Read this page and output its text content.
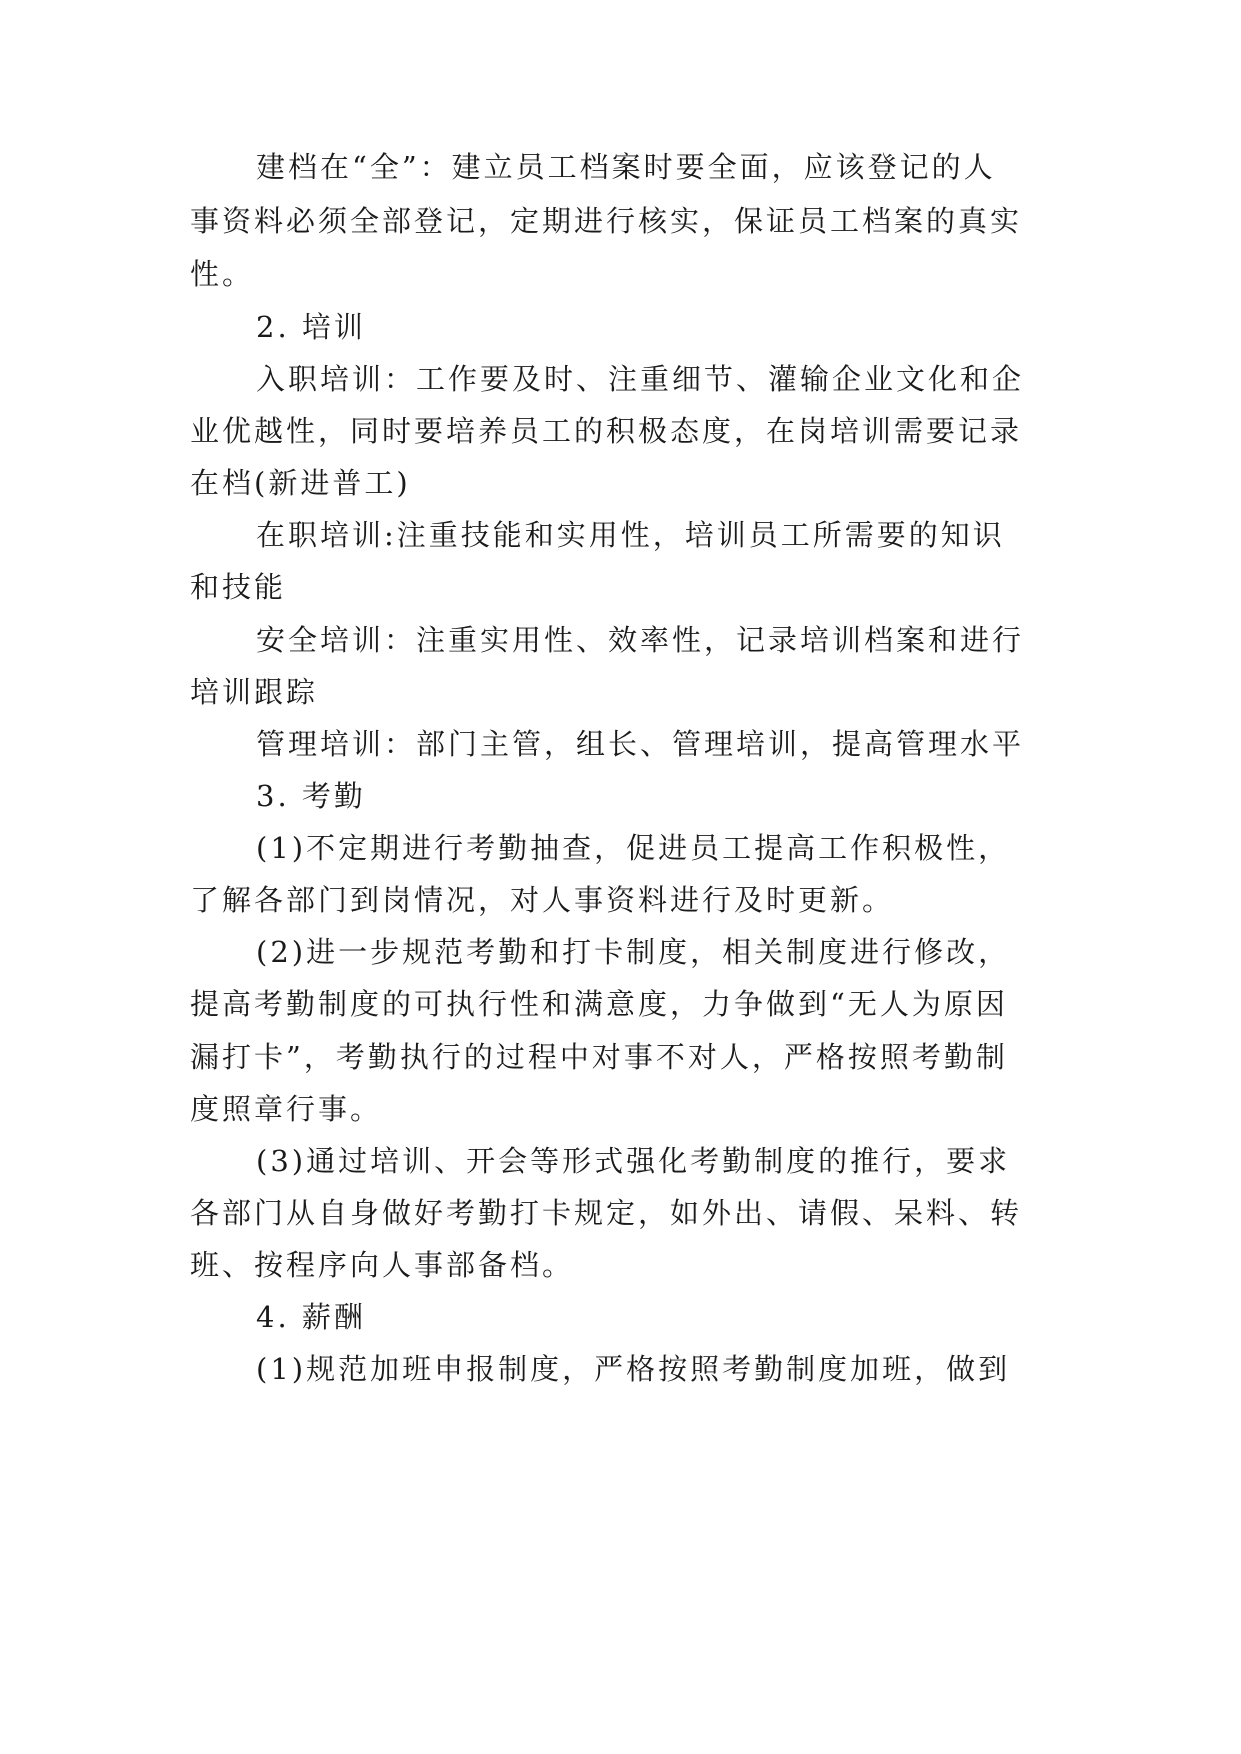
建档在“全”：建立员工档案时要全面，应该登记的人
事资料必须全部登记，定期进行核实，保证员工档案的真实
性。
2. 培训
入职培训：工作要及时、注重细节、灌输企业文化和企
业优越性，同时要培养员工的积极态度，在岗培训需要记录
在档(新进普工)
在职培训:注重技能和实用性，培训员工所需要的知识
和技能
安全培训：注重实用性、效率性，记录培训档案和进行
培训跟踪
管理培训：部门主管，组长、管理培训，提高管理水平
3. 考勤
(1)不定期进行考勤抽查，促进员工提高工作积极性，
了解各部门到岗情况，对人事资料进行及时更新。
(2)进一步规范考勤和打卡制度，相关制度进行修改，
提高考勤制度的可执行性和满意度，力争做到“无人为原因
漏打卡”，考勤执行的过程中对事不对人，严格按照考勤制
度照章行事。
(3)通过培训、开会等形式强化考勤制度的推行，要求
各部门从自身做好考勤打卡规定，如外出、请假、呆料、转
班、按程序向人事部备档。
4. 薪酬
(1)规范加班申报制度，严格按照考勤制度加班，做到
